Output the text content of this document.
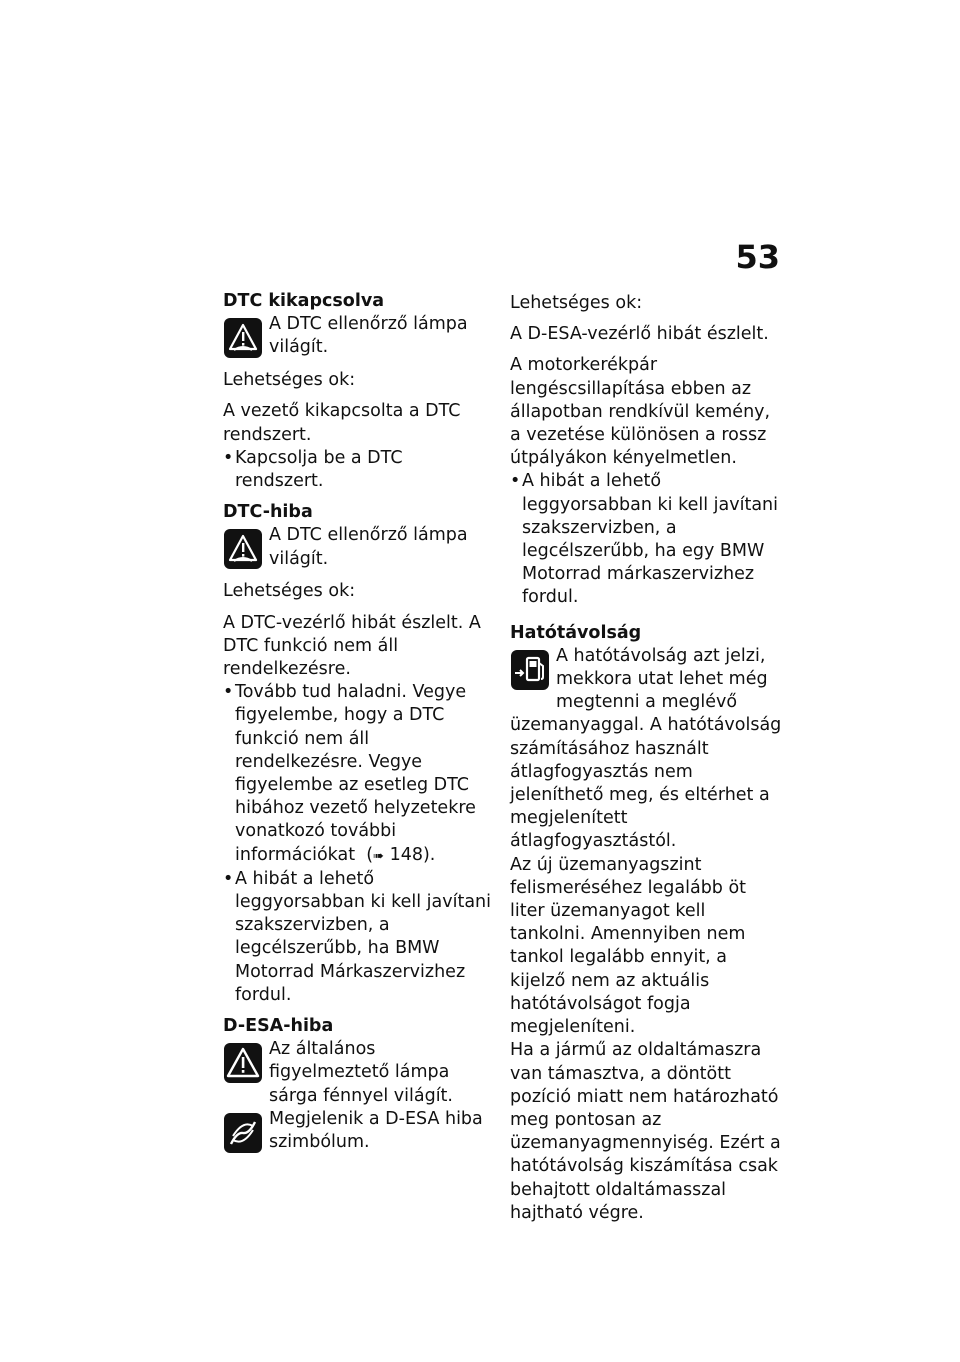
53
DTC kikapcsolva

A DTC ellenőrző lámpa világít.

Lehetséges ok:

A vezető kikapcsolta a DTC rendszert.

• Kapcsolja be a DTC rendszert.
DTC-hiba

A DTC ellenőrző lámpa világít.

Lehetséges ok:

A DTC-vezérlő hibát észlelt. A DTC funkció nem áll rendelkezésre.

• Tovább tud haladni. Vegye figyelembe, hogy a DTC funkció nem áll rendelkezésre. Vegye figyelembe az esetleg DTC hibához vezető helyzetekre vonatkozó további információkat (➠ 148).
• A hibát a lehető leggyorsabban ki kell javítani szakszervizben, a legcélszerűbb, ha BMW Motorrad Márkaszervizhez fordul.
D-ESA-hiba

Az általános figyelmeztető lámpa sárga fénnyel világít.

Megjelenik a D-ESA hiba szimbólum.

Lehetséges ok:

A D-ESA-vezérlő hibát észlelt.

A motorkerékpár lengéscsillapítása ebben az állapotban rendkívül kemény, a vezetése különösen a rossz útpályákon kényelmetlen.

• A hibát a lehető leggyorsabban ki kell javítani szakszervizben, a legcélszerűbb, ha egy BMW Motorrad márkaszervizhez fordul.
Hatótávolság

A hatótávolság azt jelzi, mekkora utat lehet még megtenni a meglévő üzemanyaggal. A hatótávolság számításához használt átlagfogyasztás nem jeleníthető meg, és eltérhet a megjelenített átlagfogyasztástól.

Az új üzemanyagszint felismeréséhez legalább öt liter üzemanyagot kell tankolni. Amennyiben nem tankol legalább ennyit, a kijelző nem az aktuális hatótávolságot fogja megjeleníteni.

Ha a jármű az oldaltámaszra van támasztva, a döntött pozíció miatt nem határozható meg pontosan az üzemanyagmennyiség. Ezért a hatótávolság kiszámítása csak behajtott oldaltámasszal hajtható végre.
